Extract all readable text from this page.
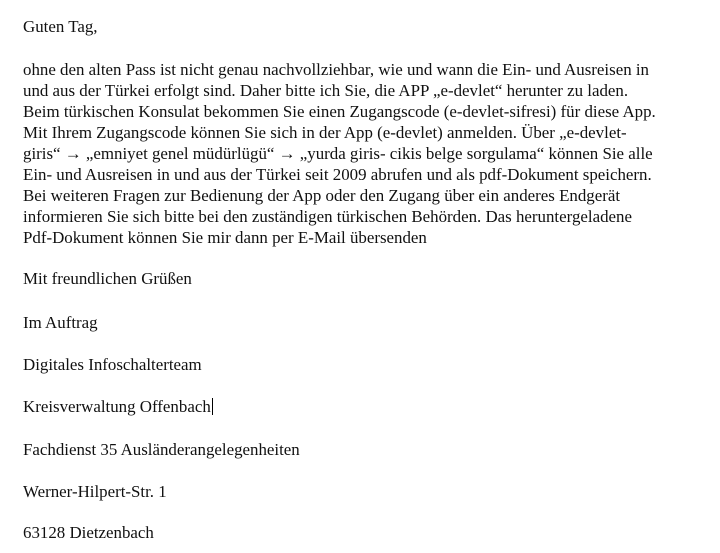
Guten Tag,
ohne den alten Pass ist nicht genau nachvollziehbar, wie und wann die Ein- und Ausreisen in
und aus der Türkei erfolgt sind. Daher bitte ich Sie, die APP „e-devlet“ herunter zu laden.
Beim türkischen Konsulat bekommen Sie einen Zugangscode (e-devlet-sifresi) für diese App.
Mit Ihrem Zugangscode können Sie sich in der App (e-devlet) anmelden. Über „e-devlet-
giris“ → „emniyet genel müdürlügü“ → „yurda giris- cikis belge sorgulama“ können Sie alle
Ein- und Ausreisen in und aus der Türkei seit 2009 abrufen und als pdf-Dokument speichern.
Bei weiteren Fragen zur Bedienung der App oder den Zugang über ein anderes Endgerät
informieren Sie sich bitte bei den zuständigen türkischen Behörden. Das heruntergeladene
Pdf-Dokument können Sie mir dann per E-Mail übersenden
Mit freundlichen Grüßen
Im Auftrag
Digitales Infoschalterteam
Kreisverwaltung Offenbach
Fachdienst 35 Ausländerangelegenheiten
Werner-Hilpert-Str. 1
63128 Dietzenbach
